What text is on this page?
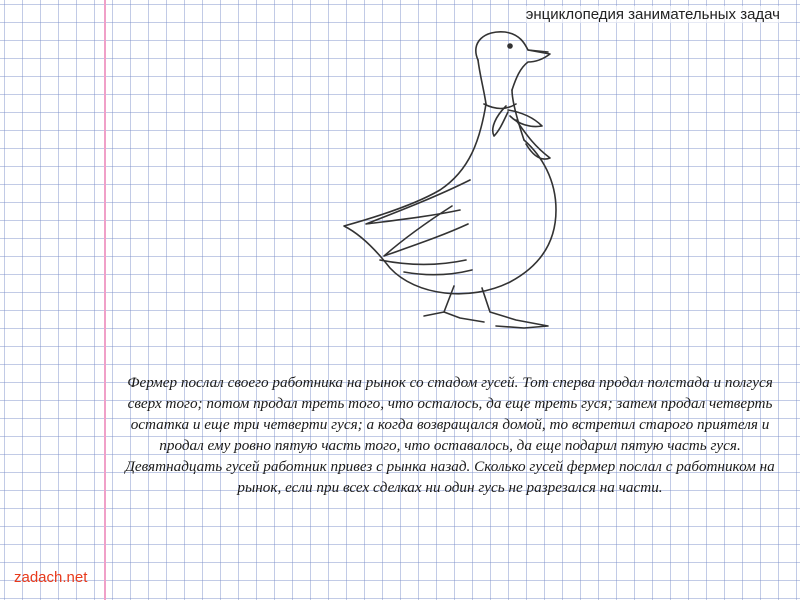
энциклопедия занимательных задач
Фермер послал своего работника на рынок со стадом гусей. Тот сперва продал полстада и полгуся сверх того; потом продал треть того, что осталось, да еще треть гуся; затем продал четверть остатка и еще три четверти гуся; а когда возвращался домой, то встретил старого приятеля и продал ему ровно пятую часть того, что оставалось, да еще подарил пятую часть гуся. Девятнадцать гусей работник привез с рынка назад. Сколько гусей фермер послал с работником на рынок, если при всех сделках ни один гусь не разрезался на части.
zadach.net
